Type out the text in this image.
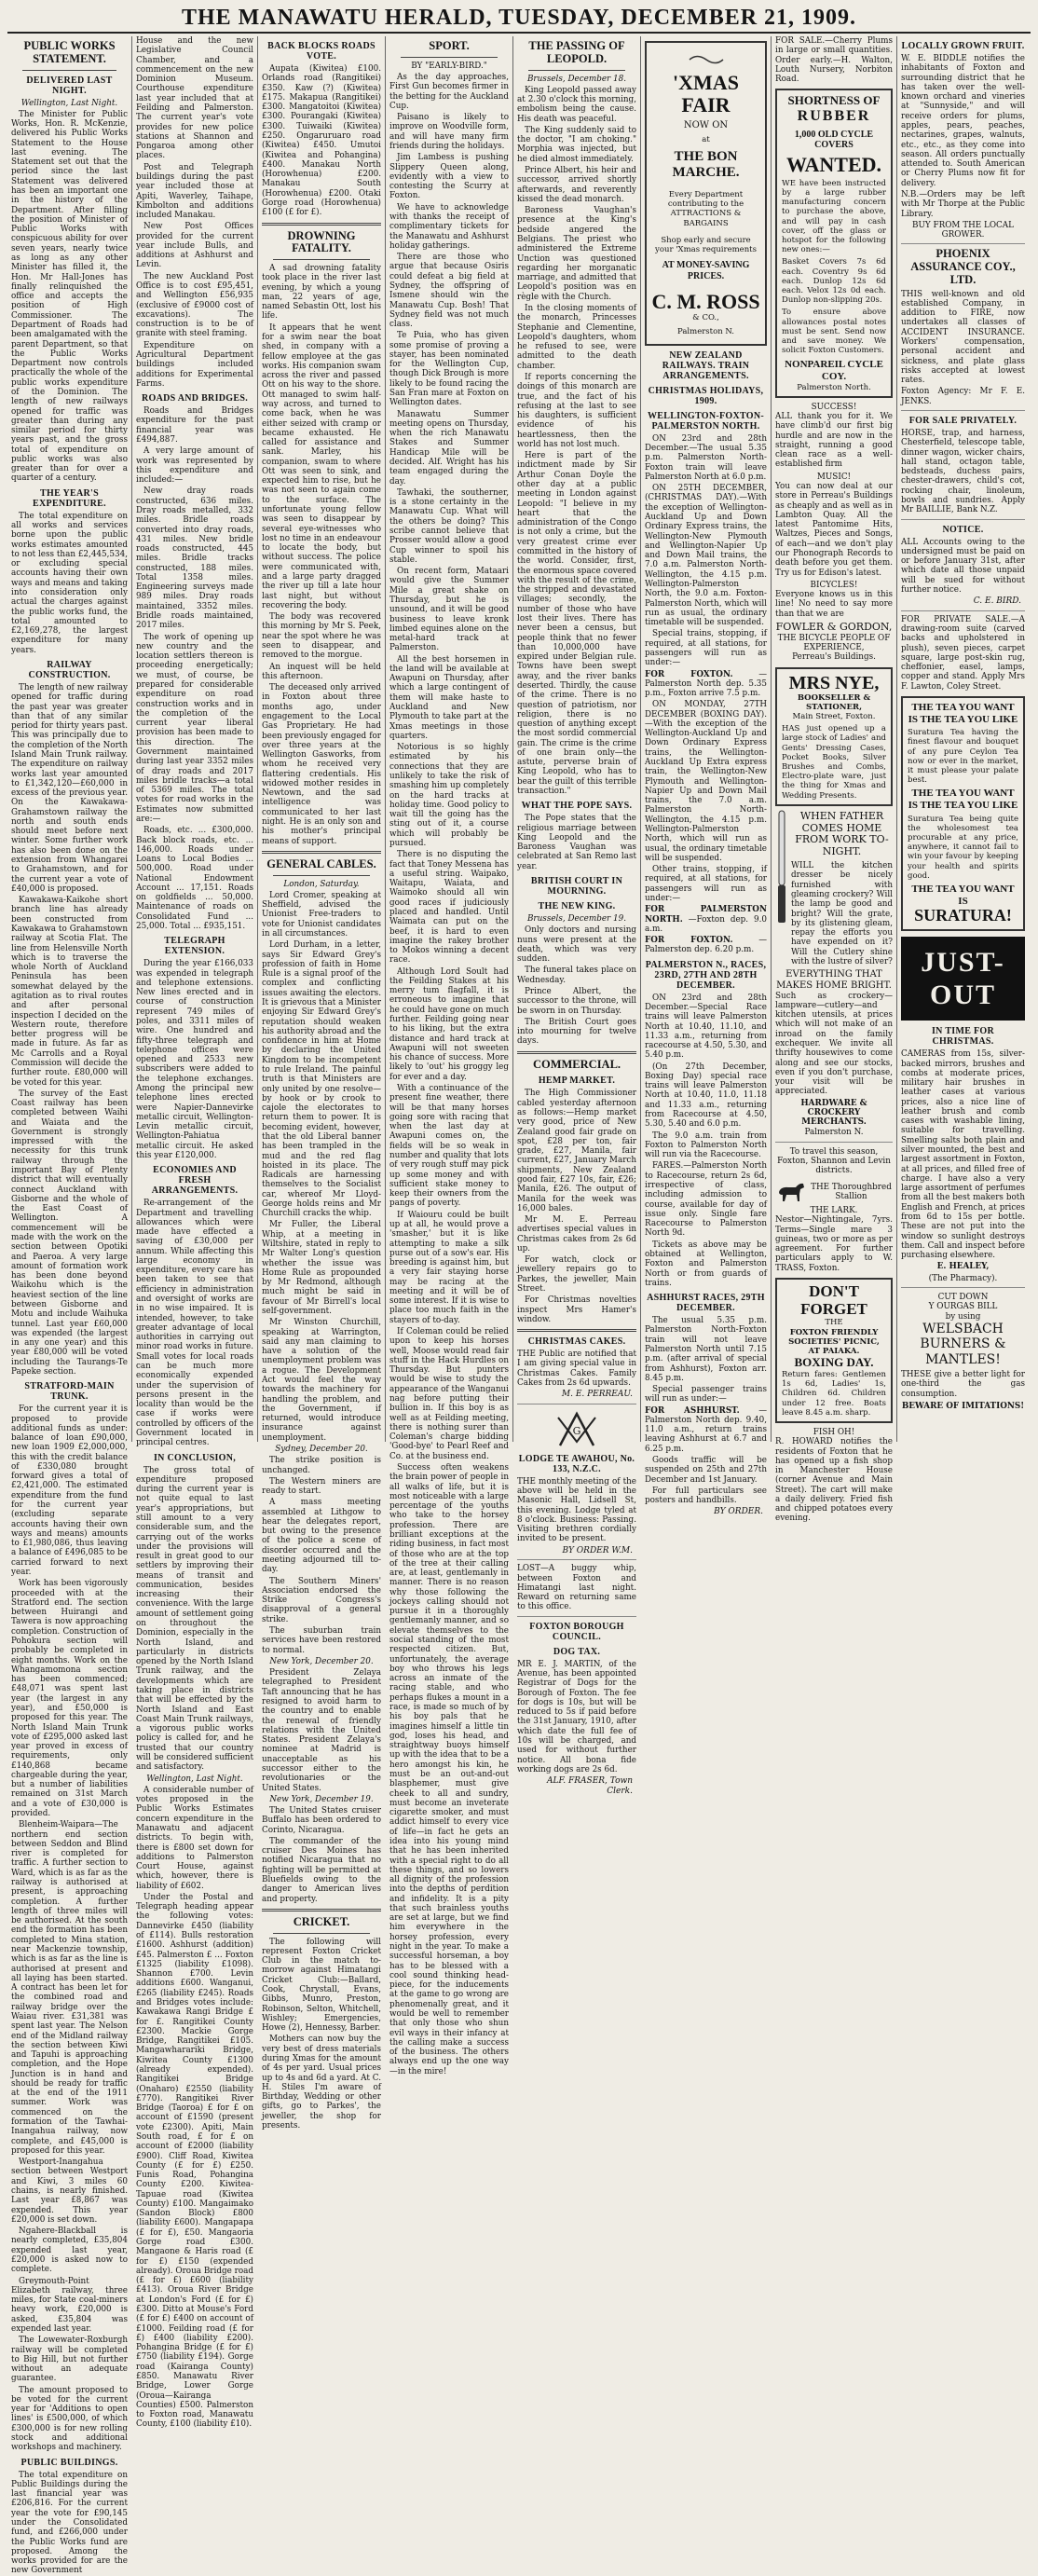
THE MANAWATU HERALD, TUESDAY, DECEMBER 21, 1909.
PUBLIC WORKS STATEMENT.
DELIVERED LAST NIGHT.

Wellington, Last Night.

The Minister for Public Works, Hon. R. McKenzie, delivered his Public Works Statement to the House last evening. The Statement set out that the period since the last Statement was delivered has been an important one in the history of the Department. After filling the position of Minister of Public Works with conspicuous ability for over seven years, nearly twice as long as any other Minister has filled it, the Hon. Mr Hall-Jones has finally relinquished the office and accepts the position of High Commissioner. The Department of Roads had been amalgamated with the parent Department, so that the Public Works Department now controls practically the whole of the public works expenditure of the Dominion. The length of new railways opened for traffic was greater than during any similar period for thirty years past, and the gross total of expenditure on public works was also greater than for over a quarter of a century.

THE YEAR'S EXPENDITURE.

The total expenditure on all works and services borne upon the public works estimates amounted to not less than £2,445,534, or excluding special accounts having their own ways and means and taking into consideration only actual the charges against the public works fund, the total amounted to £2,169,278, the largest expenditure for many years.

RAILWAY CONSTRUCTION.

The length of new railway opened for traffic during the past year was greater than that of any similar period for thirty years past. This was principally due to the completion of the North Island Main Trunk railway. The expenditure on railway works last year amounted to £1,342,120—£60,000 in excess of the previous year. On the Kawakawa-Grahamstown railway the north and south ends should meet before next winter. Some further work has also been done on the extension from Whangarei to Grahamstown, and for the current year a vote of £40,000 is proposed.

Kawakawa-Kaikohe short branch line has already been constructed from Kawakawa to Grahamstown railway at Scotia Flat. The line from Helensville North which is to traverse the whole North of Auckland Peninsula has been somewhat delayed by the agitation as to rival routes and after personal inspection I decided on the Western route, therefore better progress will be made in future. As far as Mc Carrolls and a Royal Commission will decide the further route. £80,000 will be voted for this year.

The survey of the East Coast railway has been completed between Waihi and Waiata and the Government is strongly impressed with the necessity for this trunk railway through the important Bay of Plenty district that will eventually connect Auckland with Gisborne and the whole of the East Coast of Wellington. A commencement will be made with the work on the section between Opotiki and Paeroa. A very large amount of formation work has been done beyond Waikohu which is the heaviest section of the line between Gisborne and Motu and include Waihuka tunnel. Last year £60,000 was expended (the largest in any one year) and this year £80,000 will be voted including the Taurangs-Te Papeke section.

STRATFORD-MAIN TRUNK.

For the current year it is proposed to provide additional funds as under: balance of loan £90,000, new loan 1909 £2,000,000, this with the credit balance of £330,080 brought forward gives a total of £2,421,000. The estimated expenditure from the fund for the current year (excluding separate accounts having their own ways and means) amounts to £1,980,086, thus leaving a balance of £496,085 to be carried forward to next year.

Work has been vigorously proceeded with at the Stratford end. The section between Huirangi and Tawera is now approaching completion. Construction of Pohokura section will probably be completed in eight months. Work on the Whangamomona section has been commenced; £48,071 was spent last year (the largest in any year), and £50,000 is proposed for this year. The North Island Main Trunk vote of £295,000 asked last year proved in excess of requirements, only £140,868 became chargeable during the year, but a number of liabilities remained on 31st March and a vote of £30,000 is provided.

Blenheim-Waipara—The northern end section between Seddon and Blind river is completed for traffic. A further section to Ward, which is as far as the railway is authorised at present, is approaching completion. A further length of three miles will be authorised. At the south end the formation has been completed to Mina station, near Mackenzie township, which is as far as the line is authorised at present and all laying has been started. A contract has been let for the combined road and railway bridge over the Waiau river. £31,381 was spent last year. The Nelson end of the Midland railway the section between Kiwi and Tapuhi is approaching completion, and the Hope Junction is in hand and should be ready for traffic at the end of the 1911 summer. Work was commenced on the formation of the Tawhai-Inangahua railway, now complete, and £45,000 is proposed for this year.

Westport-Inangahua section between Westport and Kiwi, 3 miles 60 chains, is nearly finished. Last year £8,867 was expended. This year £20,000 is set down.

Ngahere-Blackball is nearly completed, £35,804 expended last year, £20,000 is asked now to complete.

Greymouth-Point Elizabeth railway, three miles, for State coal-miners heavy work, £20,000 is asked, £35,804 was expended last year.

The Lowewater-Roxburgh railway will be completed to Big Hill, but not further without an adequate guarantee.

The amount proposed to be voted for the current year for 'Additions to open lines' is £500,000, of which £300,000 is for new rolling stock and additional workshops and machinery.

PUBLIC BUILDINGS.

The total expenditure on Public Buildings during the last financial year was £206,816. For the current year the vote for £90,145 under the Consolidated fund, and £266,000 under the Public Works fund are proposed. Among the works provided for are the new Government

House and the new Legislative Council Chamber, and a commencement on the new Dominion Museum. Courthouse expenditure last year included that at Feilding and Palmerston. The current year's vote provides for new police stations at Shannon and Pongaroa among other places.

Post and Telegraph buildings during the past year included those at Apiti, Waverley, Taihape, Kimbolton and additions included Manakau.

New Post Offices provided for the current year include Bulls, and additions at Ashhurst and Levin.

The new Auckland Post Office is to cost £95,451, and Wellington £56,935 (exclusive of £9000 cost of excavations). The construction is to be of granite with steel framing.

Expenditure on Agricultural Department buildings included additions for Experimental Farms.

ROADS AND BRIDGES.

Roads and Bridges expenditure for the past financial year was £494,887.

A very large amount of work was represented by this expenditure and included:—

New dray roads constructed, 636 miles. Dray roads metalled, 332 miles. Bridle roads converted into dray roads, 431 miles. New bridle roads constructed, 445 miles. Bridle tracks constructed, 188 miles. Total 1358 miles. Engineering surveys made 989 miles. Dray roads maintained, 3352 miles. Bridle roads maintained, 2017 miles.

The work of opening up new country and the location settlers thereon is proceeding energetically; we must, of course, be prepared for considerable expenditure on road construction works and in the completion of the current year liberal provision has been made to this direction. The Government maintained during last year 3352 miles of dray roads and 2017 miles bridle tracks—a total of 5369 miles. The total votes for road works in the Estimates now submitted are:—

Roads, etc. ... £300,000. Back block roads, etc. ... 146,000. Roads under Loans to Local Bodies ... 500,000. Road under National Endowment Account ... 17,151. Roads on goldfields ... 50,000. Maintenance of roads on Consolidated Fund ... 25,000. Total ... £935,151.

TELEGRAPH EXTENSION.

During the year £166,033 was expended in telegraph and telephone extensions. New lines erected and in course of construction represent 749 miles of poles, and 3311 miles of wire. One hundred and fifty-three telegraph and telephone offices were opened and 2533 new subscribers were added to the telephone exchanges. Among the principal new telephone lines erected were Napier-Dannevirke metallic circuit, Wellington-Levin metallic circuit, Wellington-Pahiatua metallic circuit. He asked this year £120,000.

ECONOMIES AND FRESH ARRANGEMENTS.

Re-arrangement of the Department and travelling allowances which were made have effected a saving of £30,000 per annum. While affecting this large economy in expenditure, every care has been taken to see that efficiency in administration and oversight of works are in no wise impaired. It is intended, however, to take greater advantage of local authorities in carrying out minor road works in future. Small votes for local roads can be much more economically expended under the supervision of persons present in the locality than would be the case if works were controlled by officers of the Government located in principal centres.

IN CONCLUSION,

The gross total of expenditure proposed during the current year is not quite equal to last year's appropriations, but still amount to a very considerable sum, and the carrying out of the works under the provisions will result in great good to our settlers by improving their means of transit and communication, besides increasing their convenience. With the large amount of settlement going on throughout the Dominion, especially in the North Island, and particularly in districts opened by the North Island Trunk railway, and the developments which are taking place in districts that will be effected by the North Island and East Coast Main Trunk railways, a vigorous public works policy is called for, and he trusted that our country will be considered sufficient and satisfactory.

Wellington, Last Night.

A considerable number of votes proposed in the Public Works Estimates concern expenditure in the Manawatu and adjacent districts. To begin with, there is £800 set down for additions to Palmerston Court House, against which, however, there is liability of £602.

Under the Postal and Telegraph heading appear the following votes: Dannevirke £450 (liability of £114). Bulls restoration £1600. Ashhurst (addition) £45. Palmerston £ ... Foxton £1325 (liability £1098). Shannon £700. Levin additions £600. Wanganui, £265 (liability £245). Roads and Bridges votes include: Kawakawa Rangi Bridge £ for £. Rangitikei County £2300. Mackie Gorge Bridge, Rangitikei £105. Mangawharariki Bridge, Kiwitea County £1300 (already expended). Rangitikei Bridge (Onaharo) £2550 (liability £770). Rangitikei River Bridge (Taoroa) £ for £ on account of £1590 (present vote £2300). Apiti, Main South road, £ for £ on account of £2000 (liability £900). Cliff Road, Kiwitea County (£ for £) £250. Funis Road, Pohangina County £200. Kiwitea-Tapuae road (Kiwitea County) £100. Mangaimako (Sandon Block) £800 (liability £600). Mangapapa (£ for £), £50. Mangaoria Gorge road £300. Mangaone & Haris road (£ for £) £150 (expended already). Oroua Bridge road (£ for £) £600 (liability £413). Oroua River Bridge at London's Ford (£ for £) £300. Ditto at Mouse's Ford (£ for £) £400 on account of £1000. Feilding road (£ for £) £400 (liability £200). Pohangina Bridge (£ for £) £750 (liability £194). Gorge road (Kairanga County) £850. Manawatu River Bridge, Lower Gorge (Oroua—Kairanga Counties) £500. Palmerston to Foxton road, Manawatu County, £100 (liability £10).

BACK BLOCKS ROADS VOTE.

Aupata (Kiwitea) £100. Orlands road (Rangitikei) £350. Kaw (?) (Kiwitea) £175. Makapua (Rangitikei) £300. Mangatoitoi (Kiwitea) £300. Pourangaki (Kiwitea) £300. Tuiwaiki (Kiwitea) £250. Ongaruruaro road (Kiwitea) £450. Umutoi (Kiwitea and Pohangina) £400. Manakau North (Horowhenua) £200. Manakau South (Horowhenua) £200. Otaki Gorge road (Horowhenua) £100 (£ for £).

DROWNING FATALITY.

A sad drowning fatality took place in the river last evening, by which a young man, 22 years of age, named Sebastin Ott, lost his life.

It appears that he went for a swim near the boat shed, in company with a fellow employee at the gas works. His companion swam across the river and passed Ott on his way to the shore. Ott managed to swim half-way across, and turned to come back, when he was either seized with cramp or became exhausted. He called for assistance and sank. Marley, his companion, swam to where Ott was seen to sink, and expected him to rise, but he was not seen to again come to the surface. The unfortunate young fellow was seen to disappear by several eye-witnesses who lost no time in an endeavour to locate the body, but without success. The police were communicated with, and a large party dragged the river up till a late hour last night, but without recovering the body.

The body was recovered this morning by Mr S. Peek, near the spot where he was seen to disappear, and removed to the morgue.

An inquest will be held this afternoon.

The deceased only arrived in Foxton about three months ago, under engagement to the Local Gas Proprietary. He had been previously engaged for over three years at the Wellington Gasworks, from whom he received very flattering credentials. His widowed mother resides in Newtown, and the sad intelligence was communicated to her last night. He is an only son and his mother's principal means of support.

GENERAL CABLES.

London, Saturday.

Lord Cromer, speaking at Sheffield, advised the Unionist Free-traders to vote for Unionist candidates in all circumstances.

Lord Durham, in a letter, says Sir Edward Grey's profession of faith in Home Rule is a signal proof of the complex and conflicting issues awaiting the electors. It is grievous that a Minister enjoying Sir Edward Grey's reputation should weaken his authority abroad and the confidence in him at Home by declaring the United Kingdom to be incompetent to rule Ireland. The painful truth is that Ministers are only united by one resolve—by hook or by crook to cajole the electorates to return them to power. It is becoming evident, however, that the old Liberal banner has been trampled in the mud and the red flag hoisted in its place. The Radicals are harnessing themselves to the Socialist car, whereof Mr Lloyd-George holds reins and Mr Churchill cracks the whip.

Mr Fuller, the Liberal Whip, at a meeting in Wiltshire, stated in reply to Mr Walter Long's question whether the issue was Home Rule as propounded by Mr Redmond, although much might be said in favour of Mr Birrell's local self-government.

Mr Winston Churchill, speaking at Warrington, said any man claiming to have a solution of the unemployment problem was a rogue. The Development Act would feel the way towards the machinery for handling the problem, and the Government, if returned, would introduce insurance against unemployment.

Sydney, December 20.

The strike position is unchanged.

The Western miners are ready to start.

A mass meeting assembled at Lithgow to hear the delegates report, but owing to the presence of the police a scene of disorder occurred and the meeting adjourned till to-day.

The Southern Miners' Association endorsed the Strike Congress's disapproval of a general strike.

The suburban train services have been restored to normal.

New York, December 20.

President Zelaya telegraphed to President Taft announcing that he has resigned to avoid harm to the country and to enable the renewal of friendly relations with the United States. President Zelaya's nominee at Madrid is unacceptable as his successor either to the revolutionaries or the United States.

New York, December 19.

The United States cruiser Buffalo has been ordered to Corinto, Nicaragua.

The commander of the cruiser Des Moines has notified Nicaragua that no fighting will be permitted at Bluefields owing to the danger to American lives and property.

CRICKET.

The following will represent Foxton Cricket Club in the match to-morrow against Himatangi Cricket Club:—Ballard, Cook, Chrystall, Evans, Gibbs, Munro, Preston, Robinson, Selton, Whitchell, Wishley; Emergencies, Howe (2), Hennessy, Barber.

Mothers can now buy the very best of dress materials during Xmas for the amount of 4s per yard. Usual prices up to 4s and 6d a yard. At C. H. Stiles I'm aware of Birthday, Wedding or other gifts, go to Parkes', the jeweller, the shop for presents.

SPORT.

BY "EARLY-BIRD."

As the day approaches, First Gun becomes firmer in the betting for the Auckland Cup.

Paisano is likely to improve on Woodville form, and will have many firm friends during the holidays.

Jim Lambess is pushing Slippery Queen along, evidently with a view to contesting the Scurry at Foxton.

We have to acknowledge with thanks the receipt of complimentary tickets for the Manawatu and Ashhurst holiday gatherings.

There are those who argue that because Osiris could defeat a big field at Sydney, the offspring of Ismene should win the Manawatu Cup. Bosh! That Sydney field was not much class.

Te Puia, who has given some promise of proving a stayer, has been nominated for the Wellington Cup, though Dick Brough is more likely to be found racing the San Fran mare at Foxton on Wellington dates.

Manawatu Summer meeting opens on Thursday, when the rich Manawatu Stakes and Summer Handicap Mile will be decided. Alf. Wright has his team engaged during the day.

Tawhaki, the southerner, is a stone certainty in the Manawatu Cup. What will the others be doing? This scribe cannot believe that Prosser would allow a good Cup winner to spoil his stable.

On recent form, Mataari would give the Summer Mile a great shake on Thursday, but he is unsound, and it will be good business to leave kronk limbed equines alone on the metal-hard track at Palmerston.

All the best horsemen in the land will be available at Awapuni on Thursday, after which a large contingent of them will make haste to Auckland and New Plymouth to take part at the Xmas meetings in those quarters.

Notorious is so highly estimated by his connections that they are unlikely to take the risk of smashing him up completely on the hard tracks at holiday time. Good policy to wait till the going has the sting out of it, a course which will probably be pursued.

There is no disputing the fact that Toney Messena has a useful string. Waipako, Waitapu, Waiata, and Waimoko should all win good races if judiciously placed and handled. Until Waimata can put on the beef, it is hard to even imagine the rakey brother to Mokos winning a decent race.

Although Lord Soult had the Feilding Stakes at his merry tum flagfall, it is erroneous to imagine that he could have gone on much further. Feilding going near to his liking, but the extra distance and hard track at Awapuni will not sweeten his chance of success. More likely to 'out' his groggy leg for ever and a day.

With a continuance of the present fine weather, there will be that many horses going sore with racing that when the last day at Awapuni comes on, the fields will be so weak in number and quality that lots of very rough stuff may pick up some money and with sufficient stake money to keep their owners from the pangs of poverty.

If Waiouru could be built up at all, he would prove a 'smasher,' but it is like attempting to make a silk purse out of a sow's ear. His breeding is against him, but a very fair staying horse may be racing at the meeting and it will be of some interest. If it is wise to place too much faith in the stayers of to-day.

If Coleman could be relied upon to keep his horses well, Moose would read fair stuff in the Hack Hurdles on Thursday. But punters would be wise to study the appearance of the Wanganui nag before putting their bullion in. If this boy is as well as at Feilding meeting, there is nothing surer than Coleman's charge bidding 'Good-bye' to Pearl Reef and Co. at the business end.

Success often weakens the brain power of people in all walks of life, but it is most noticeable with a large percentage of the youths who take to the horsey profession. There are brilliant exceptions at the riding business, in fact most of those who are at the top of the tree at their calling are, at least, gentlemanly in manner. There is no reason why those following the jockeys calling should not pursue it in a thoroughly gentlemanly manner, and so elevate themselves to the social standing of the most respected citizen. But, unfortunately, the average boy who throws his legs across an inmate of the racing stable, and who perhaps flukes a mount in a race, is made so much of by his boy pals that he imagines himself a little tin god, loses his head, and straightway buoys himself up with the idea that to be a hero amongst his kin, he must be an out-and-out blasphemer, must give cheek to all and sundry, must become an inveterate cigarette smoker, and must addict himself to every vice of life—in fact he gets an idea into his young mind that he has been inherited with a special right to do all these things, and so lowers all dignity of the profession into the depths of perdition and infidelity. It is a pity that such brainless youths are set at large, but we find him everywhere in the horsey profession, every night in the year. To make a successful horseman, a boy has to be blessed with a cool sound thinking head-piece, for the inducements at the game to go wrong are phenomenally great, and it would be well to remember that only those who shun evil ways in their infancy at the calling make a success of the business. The others always end up the one way—in the mire!

THE PASSING OF LEOPOLD.

Brussels, December 18.

King Leopold passed away at 2.30 o'clock this morning, embolism being the cause. His death was peaceful.

The King suddenly said to the doctor, "I am choking." Morphia was injected, but he died almost immediately.

Prince Albert, his heir and successor, arrived shortly afterwards, and reverently kissed the dead monarch.

Baroness Vaughan's presence at the King's bedside angered the Belgians. The priest who administered the Extreme Unction was questioned regarding her morganatic marriage, and admitted that Leopold's position was en règle with the Church.

In the closing moments of the monarch, Princesses Stephanie and Clementine, Leopold's daughters, whom he refused to see, were admitted to the death chamber.

If reports concerning the doings of this monarch are true, and the fact of his refusing at the last to see his daughters, is sufficient evidence of his heartlessness, then the world has not lost much.

Here is part of the indictment made by Sir Arthur Conan Doyle the other day at a public meeting in London against Leopold: "I believe in my heart that the administration of the Congo is not only a crime, but the very greatest crime ever committed in the history of the world. Consider, first, the enormous space covered with the result of the crime, the stripped and devastated villages; secondly, the number of those who have lost their lives. There has never been a census, but people think that no fewer than 10,000,000 have expired under Belgian rule. Towns have been swept away, and the river banks deserted. Thirdly, the cause of the crime. There is no question of patriotism, nor religion, there is no question of anything except the most sordid commercial gain. The crime is the crime of one brain only—the astute, perverse brain of King Leopold, who has to bear the guilt of this terrible transaction."

WHAT THE POPE SAYS.

The Pope states that the religious marriage between King Leopold and the Baroness Vaughan was celebrated at San Remo last year.

BRITISH COURT IN MOURNING.
THE NEW KING.

Brussels, December 19.

Only doctors and nursing nuns were present at the death, which was very sudden.

The funeral takes place on Wednesday.

Prince Albert, the successor to the throne, will be sworn in on Thursday.

The British Court goes into mourning for twelve days.

COMMERCIAL.
HEMP MARKET.

The High Commissioner cabled yesterday afternoon as follows:—Hemp market very good, price of New Zealand good fair grade on spot, £28 per ton, fair grade, £27, Manila, fair current, £27, January March shipments, New Zealand good fair, £27 10s, fair, £26; Manila, £26. The output of Manila for the week was 16,000 bales.

Mr M. E. Perreau advertises special values in Christmas cakes from 2s 6d up.

For watch, clock or jewellery repairs go to Parkes, the jeweller, Main Street.

For Christmas novelties inspect Mrs Hamer's window.

CHRISTMAS CAKES.

THE Public are notified that I am giving special value in Christmas Cakes. Family Cakes from 2s 6d upwards.

M. E. PERREAU.

G
LODGE TE AWAHOU, No. 133, N.Z.C.

THE monthly meeting of the above will be held in the Masonic Hall, Lidsell St, this evening. Lodge tyled at 8 o'clock. Business: Passing. Visiting brethren cordially invited to be present.

BY ORDER W.M.

LOST—A buggy whip, between Foxton and Himatangi last night. Reward on returning same to this office.

FOXTON BOROUGH COUNCIL.
DOG TAX.

MR E. J. MARTIN, of the Avenue, has been appointed Registrar of Dogs for the Borough of Foxton. The fee for dogs is 10s, but will be reduced to 5s if paid before the 31st January, 1910, after which date the full fee of 10s will be charged, and used for without further notice. All bona fide working dogs are 2s 6d.

ALF. FRASER, Town Clerk.

'XMAS FAIR
NOW ON
at
THE BON MARCHE.
Every Department contributing to the ATTRACTIONS & BARGAINS
Shop early and secure your 'Xmas requirements
AT MONEY-SAVING PRICES.
C. M. ROSS
& CO.,
Palmerston N.
NEW ZEALAND RAILWAYS. TRAIN ARRANGEMENTS.
CHRISTMAS HOLIDAYS, 1909.
WELLINGTON-FOXTON-PALMERSTON NORTH.

ON 23rd and 28th December.—The usual 5.35 p.m. Palmerston North-Foxton train will leave Palmerston North at 6.0 p.m.

ON 25TH DECEMBER, (CHRISTMAS DAY).—With the exception of Wellington-Auckland Up and Down Ordinary Express trains, the Wellington-New Plymouth and Wellington-Napier Up and Down Mail trains, the 7.0 a.m. Palmerston North-Wellington, the 4.15 p.m. Wellington-Palmerston North, the 9.0 a.m. Foxton-Palmerston North, which will run as usual, the ordinary timetable will be suspended.

Special trains, stopping, if required, at all stations, for passengers will run as under:—

FOR FOXTON.	—Palmerston North dep. 5.35 p.m., Foxton arrive 7.5 p.m.

ON MONDAY, 27TH DECEMBER (BOXING DAY).—With the exception of the Wellington-Auckland Up and Down Ordinary Express trains, the Wellington-Auckland Up Extra express train, the Wellington-New Plymouth and Wellington-Napier Up and Down Mail trains, the 7.0 a.m. Palmerston North-Wellington, the 4.15 p.m. Wellington-Palmerston North, which will run as usual, the ordinary timetable will be suspended.

Other trains, stopping, if required, at all stations, for passengers will run as under:—

FOR PALMERSTON NORTH. —Foxton dep. 9.0 a.m.

FOR FOXTON.	—Palmerston dep. 6.20 p.m.

PALMERSTON N., RACES, 23RD, 27TH AND 28TH DECEMBER.

ON 23rd and 28th December.—Special Race trains will leave Palmerston North at 10.40, 11.10, and 11.33 a.m., returning from racecourse at 4.50, 5.30, and 5.40 p.m.

(On 27th December, Boxing Day) special race trains will leave Palmerston North at 10.40, 11.0, 11.18 and 11.33 a.m., returning from Racecourse at 4.50, 5.30, 5.40 and 6.0 p.m.

The 9.0 a.m. train from Foxton to Palmerston North will run via the Racecourse.

FARES.—Palmerston North to Racecourse, return 2s 6d, irrespective of class, including admission to course, available for day of issue only. Single fare Racecourse to Palmerston North 9d.

Tickets as above may be obtained at Wellington, Foxton and Palmerston North or from guards of trains.

ASHHURST RACES, 29TH DECEMBER.

The usual 5.35 p.m. Palmerston North-Foxton train will not leave Palmerston North until 7.15 p.m. (after arrival of special from Ashhurst), Foxton arr. 8.45 p.m.

Special passenger trains will run as under:—

FOR ASHHURST. —Palmerston North dep. 9.40, 11.0 a.m., return trains leaving Ashhurst at 6.7 and 6.25 p.m.

Goods traffic will be suspended on 25th and 27th December and 1st January.

For full particulars see posters and handbills.

BY ORDER.

FOR SALE.—Cherry Plums in large or small quantities. Order early.—H. Walton, Louth Nursery, Norbiton Road.

SHORTNESS OF
RUBBER
1,000 OLD CYCLE COVERS
WANTED.
WE have been instructed by a large rubber manufacturing concern to purchase the above, and will pay in cash cover, off the glass or hotspot for the following new ones:—
Basket Covers 7s 6d each. Coventry 9s 6d each. Dunlop 12s 6d each. Velox 12s 0d each. Dunlop non-slipping 20s.
To ensure above allowances postal notes must be sent. Send now and save money. We solicit Foxton Customers.
NONPAREIL CYCLE COY.
Palmerston North.
SUCCESS!
ALL thank you for it. We have climb'd our first big hurdle and are now in the straight, running a good clean race as a well-established firm
MUSIC!
You can now deal at our store in Perreau's Buildings as cheaply and as well as in Lambton Quay. All the latest Pantomime Hits, Waltzes, Pieces and Songs, of each—and we don't play our Phonograph Records to death before you get them. Try us for Edison's latest.
BICYCLES!
Everyone knows us in this line! No need to say more than that we are
FOWLER & GORDON,
THE BICYCLE PEOPLE OF EXPERIENCE,
Perreau's Buildings.
MRS NYE,
BOOKSELLER & STATIONER,
Main Street, Foxton.
HAS just opened up a large stock of Ladies' and Gents' Dressing Cases, Pocket Books, Silver Brushes and Combs, Electro-plate ware, just the thing for Xmas and Wedding Presents.
WHEN FATHER COMES HOME FROM WORK TO-NIGHT.
WILL the kitchen dresser be nicely furnished with gleaming crockery? Will the lamp be good and bright? Will the grate, by its glistening gleam, repay the efforts you have expended on it? Will the Cutlery shine with the lustre of silver?
EVERYTHING THAT MAKES HOME BRIGHT.
Such as crockery—lampware—cutlery—and kitchen utensils, at prices which will not make of an inroad on the family exchequer. We invite all thrifty housewives to come along and see our stocks, even if you don't purchase, your visit will be appreciated.
HARDWARE & CROCKERY MERCHANTS.
Palmerston N.
To travel this season, Foxton, Shannon and Levin districts.
THE Thoroughbred Stallion
THE LARK.
Nestor—Nightingale, 7yrs. Terms—Single mare 3 guineas, two or more as per agreement. For further particulars apply to W. TRASS, Foxton.
DON'T FORGET
THE
FOXTON FRIENDLY SOCIETIES' PICNIC, AT PAIAKA.
BOXING DAY.
Return fares: Gentlemen 1s 6d, Ladies' 1s, Children 6d. Children under 12 free. Boats leave 8.45 a.m. sharp.
FISH OH!
R. HOWARD notifies the residents of Foxton that he has opened up a fish shop in Manchester House (corner Avenue and Main Street). The cart will make a daily delivery. Fried fish and chipped potatoes every evening.
LOCALLY GROWN FRUIT.

W. E. BIDDLE notifies the inhabitants of Foxton and surrounding district that he has taken over the well-known orchard and vineries at "Sunnyside," and will receive orders for plums, apples, pears, peaches, nectarines, grapes, walnuts, etc., etc., as they come into season. All orders punctually attended to. South American or Cherry Plums now fit for delivery.

N.B.—Orders may be left with Mr Thorpe at the Public Library.

BUY FROM THE LOCAL GROWER.

PHOENIX ASSURANCE COY., LTD.

THIS well-known and old established Company, in addition to FIRE, now undertakes all classes of ACCIDENT INSURANCE. Workers' compensation, personal accident and sickness, and plate glass risks accepted at lowest rates.

Foxton Agency: Mr F. E. JENKS.

FOR SALE PRIVATELY.

HORSE, trap, and harness, Chesterfield, telescope table, dinner wagon, wicker chairs, hall stand, octagon table, bedsteads, duchess pairs, chester-drawers, child's cot, rocking chair, linoleum, bowls and sundries. Apply Mr BAILLIE, Bank N.Z.

NOTICE.

ALL Accounts owing to the undersigned must be paid on or before January 31st, after which date all those unpaid will be sued for without further notice.

C. E. BIRD.

FOR PRIVATE SALE.—A drawing-room suite (carved backs and upholstered in plush), seven pieces, carpet square, large post-skin rug, cheffonier, easel, lamps, copper and stand. Apply Mrs F. Lawton, Coley Street.

THE TEA YOU WANT
IS THE TEA YOU LIKE
Suratura Tea having the finest flavour and bouquet of any pure Ceylon Tea now or ever in the market, it must please your palate best.
THE TEA YOU WANT
IS THE TEA YOU LIKE
Suratura Tea being quite the wholesomest tea procurable at any price, anywhere, it cannot fail to win your favour by keeping your health and spirits good.
THE TEA YOU WANT
IS
SURATURA!
JUST-OUT
IN TIME FOR CHRISTMAS.

CAMERAS from 15s, silver-backed mirrors, brushes and combs at moderate prices, military hair brushes in leather cases at various prices, also a nice line of leather brush and comb cases with washable lining, suitable for travelling. Smelling salts both plain and silver mounted, the best and largest assortment in Foxton, at all prices, and filled free of charge. I have also a very large assortment of perfumes from all the best makers both English and French, at prices from 6d to 15s per bottle. These are not put into the window so sunlight destroys them. Call and inspect before purchasing elsewhere.

E. HEALEY,

(The Pharmacy).

CUT DOWN
Y OURGAS BILL
by using
WELSBACH BURNERS & MANTLES!
THESE give a better light for one-third the gas consumption.
BEWARE OF IMITATIONS!
